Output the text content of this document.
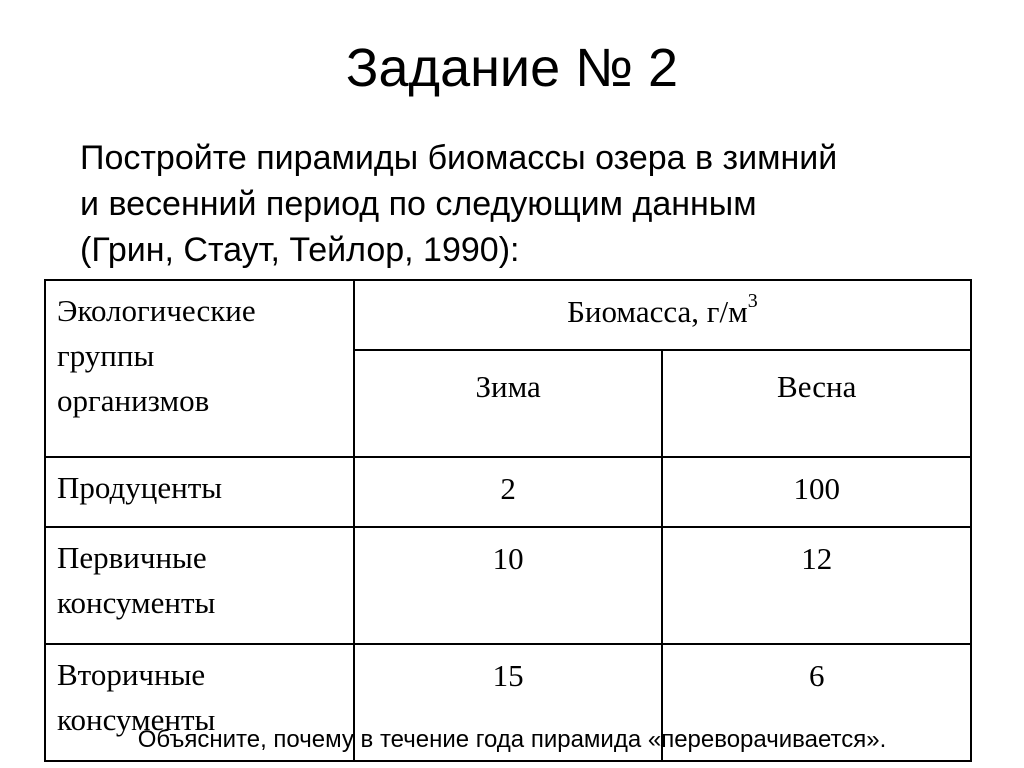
Задание № 2
Постройте пирамиды биомассы озера в зимний
и весенний период по следующим данным
(Грин, Стаут, Тейлор, 1990):
Экологические
группы
организмов	Биомасса, $г/м^3$
	Зима	Весна

Продуценты	2	100

Первичные
консументы	10	12

Вторичные
консументы	15	6
Объясните, почему в течение года пирамида «переворачивается».
